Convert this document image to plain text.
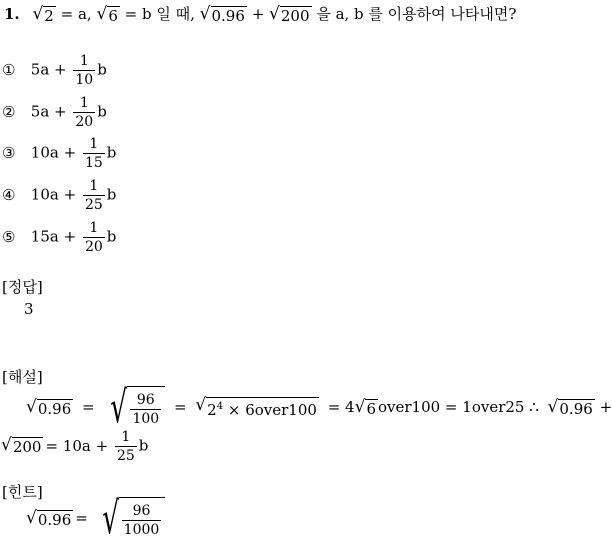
1. √ 2 = a, √ 6 = b 일 때, √ 0.96 + √ 200 을 a, b 를 이용하여 나타내면?
① $5a + \frac{1}{10}$ b
② $5a + \frac{1}{20}$ b
③ $10a + \frac{1}{15}$ b
④ $10a + \frac{1}{25}$ b
⑤ $15a + \frac{1}{20}$ b
[정답]
3
[해설]
√ 0.96 = √ $\frac{96}{100}$ = √ $2^4$ × 6over100 = 4 √ 6 over100 = 1over25 ∴ √ 0.96 +
√ $200 = 10a + \frac{1}{25}$ b
[힌트]
√ 0.96 = √ $\frac{96}{1000}$
